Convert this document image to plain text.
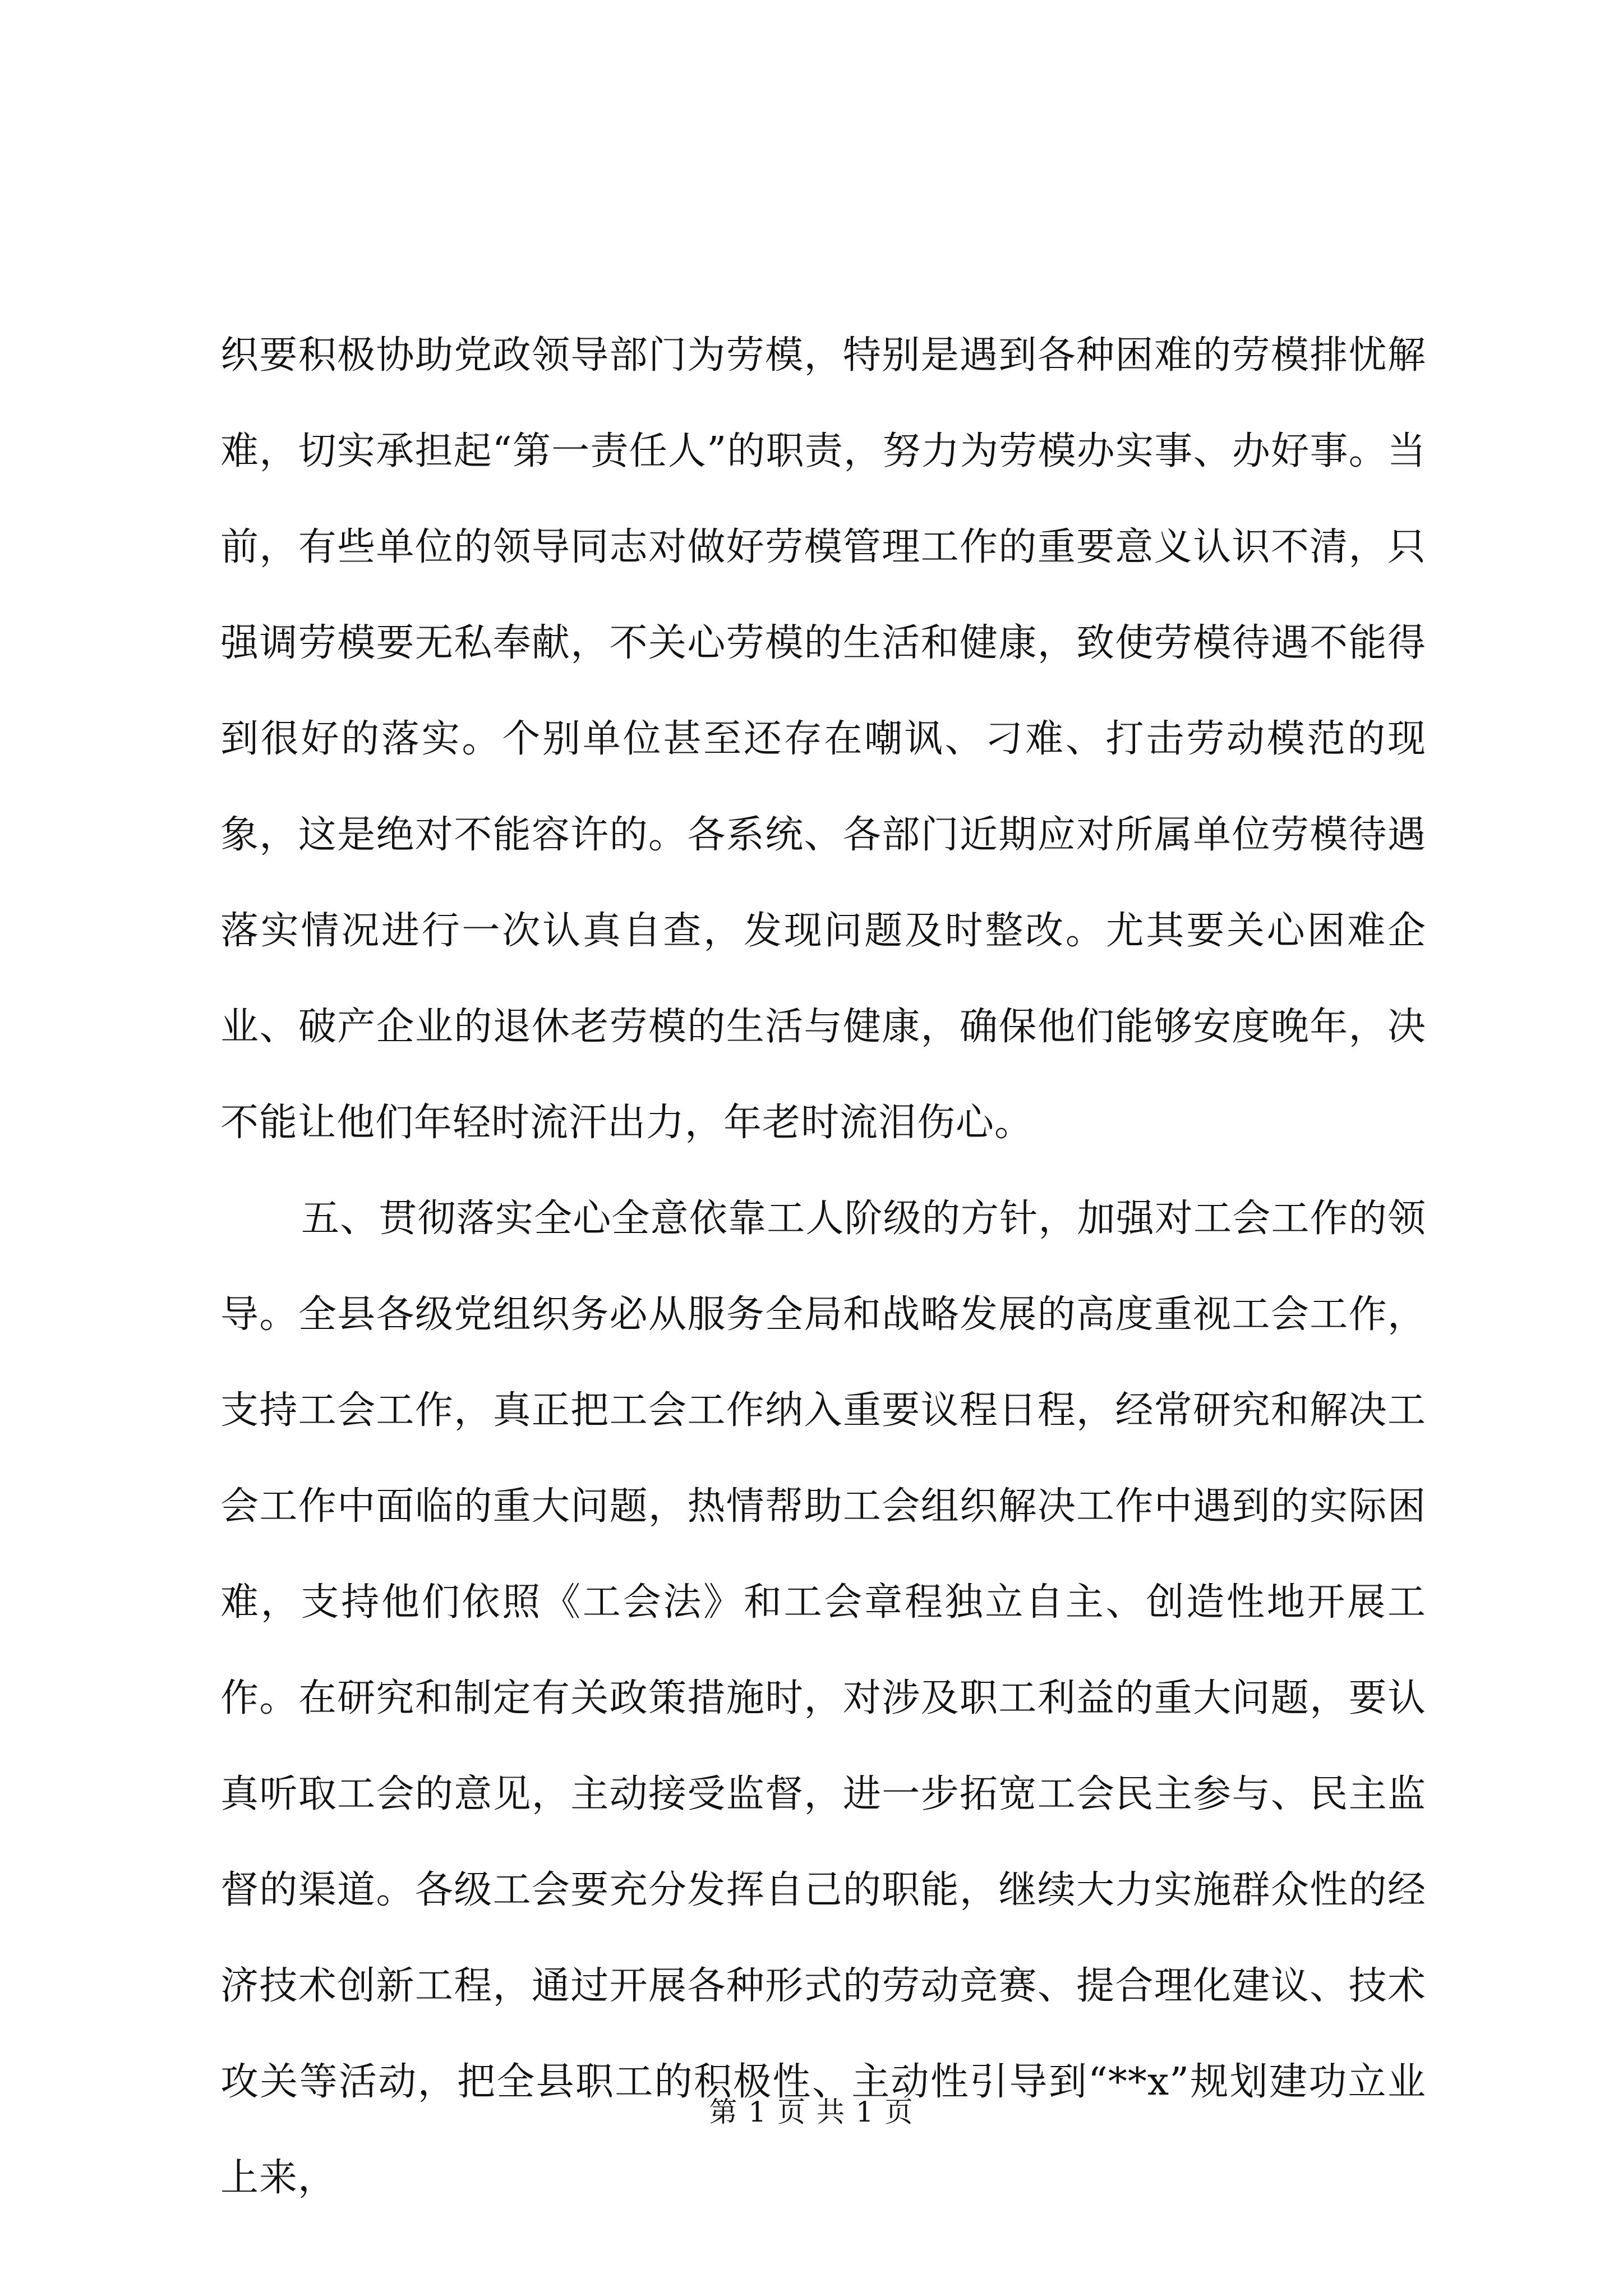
织要积极协助党政领导部门为劳模，特别是遇到各种困难的劳模排忧解难，切实承担起“第一责任人”的职责，努力为劳模办实事、办好事。当前，有些单位的领导同志对做好劳模管理工作的重要意义认识不清，只强调劳模要无私奉献，不关心劳模的生活和健康，致使劳模待遇不能得到很好的落实。个别单位甚至还存在嘲讽、刁难、打击劳动模范的现象，这是绝对不能容许的。各系统、各部门近期应对所属单位劳模待遇落实情况进行一次认真自查，发现问题及时整改。尤其要关心困难企业、破产企业的退休老劳模的生活与健康，确保他们能够安度晚年，决不能让他们年轻时流汗出力，年老时流泪伤心。

五、贯彻落实全心全意依靠工人阶级的方针，加强对工会工作的领导。全县各级党组织务必从服务全局和战略发展的高度重视工会工作，支持工会工作，真正把工会工作纳入重要议程日程，经常研究和解决工会工作中面临的重大问题，热情帮助工会组织解决工作中遇到的实际困难，支持他们依照《工会法》和工会章程独立自主、创造性地开展工作。在研究和制定有关政策措施时，对涉及职工利益的重大问题，要认真听取工会的意见，主动接受监督，进一步拓宽工会民主参与、民主监督的渠道。各级工会要充分发挥自己的职能，继续大力实施群众性的经济技术创新工程，通过开展各种形式的劳动竞赛、提合理化建议、技术攻关等活动，把全县职工的积极性、主动性引导到“**x”规划建功立业上来，

第 1 页 共 1 页
